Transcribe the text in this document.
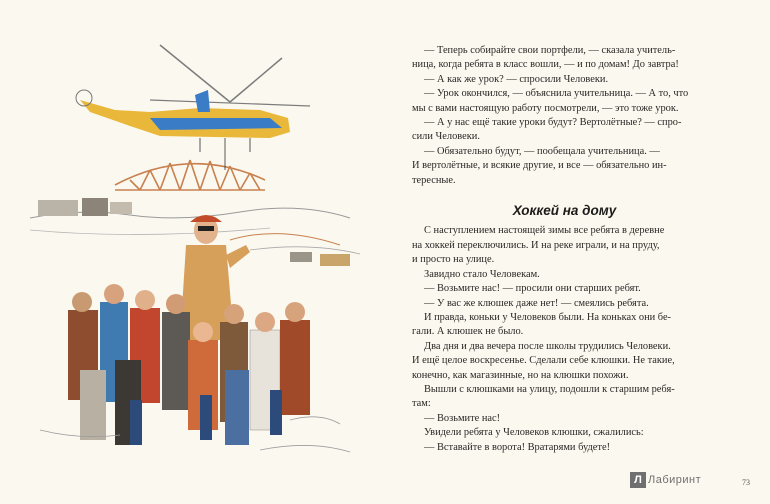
— Теперь собирайте свои портфели, — сказала учитель-

ница, когда ребята в класс вошли, — и по домам! До завтра!

— А как же урок? — спросили Человеки.

— Урок окончился, — объяснила учительница. — А то, что

мы с вами настоящую работу посмотрели, — это тоже урок.

— А у нас ещё такие уроки будут? Вертолётные? — спро-

сили Человеки.

— Обязательно будут, — пообещала учительница. —

И вертолётные, и всякие другие, и все — обязательно ин-

тересные.

Хоккей на дому

С наступлением настоящей зимы все ребята в деревне

на хоккей переключились. И на реке играли, и на пруду,

и просто на улице.

Завидно стало Человекам.

— Возьмите нас! — просили они старших ребят.

— У вас же клюшек даже нет! — смеялись ребята.

И правда, коньки у Человеков были. На коньках они бе-

гали. А клюшек не было.

Два дня и два вечера после школы трудились Человеки.

И ещё целое воскресенье. Сделали себе клюшки. Не такие,

конечно, как магазинные, но на клюшки похожи.

Вышли с клюшками на улицу, подошли к старшим ребя-

там:

— Возьмите нас!

Увидели ребята у Человеков клюшки, сжалились:

— Вставайте в ворота! Вратарями будете!

Л Лабиринт	73
